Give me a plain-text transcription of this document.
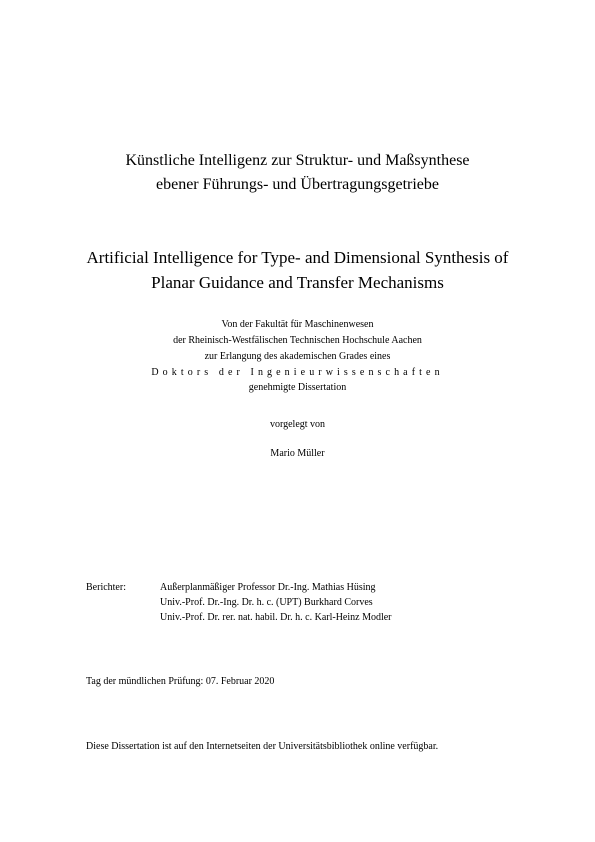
Künstliche Intelligenz zur Struktur- und Maßsynthese
ebener Führungs- und Übertragungsgetriebe
Artificial Intelligence for Type- and Dimensional Synthesis of
Planar Guidance and Transfer Mechanisms
Von der Fakultät für Maschinenwesen
der Rheinisch-Westfälischen Technischen Hochschule Aachen
zur Erlangung des akademischen Grades eines
Doktors der Ingenieurwissenschaften
genehmigte Dissertation
vorgelegt von
Mario Müller
Berichter:	Außerplanmäßiger Professor Dr.-Ing. Mathias Hüsing
Univ.-Prof. Dr.-Ing. Dr. h. c. (UPT) Burkhard Corves
Univ.-Prof. Dr. rer. nat. habil. Dr. h. c. Karl-Heinz Modler
Tag der mündlichen Prüfung: 07. Februar 2020
Diese Dissertation ist auf den Internetseiten der Universitätsbibliothek online verfügbar.
